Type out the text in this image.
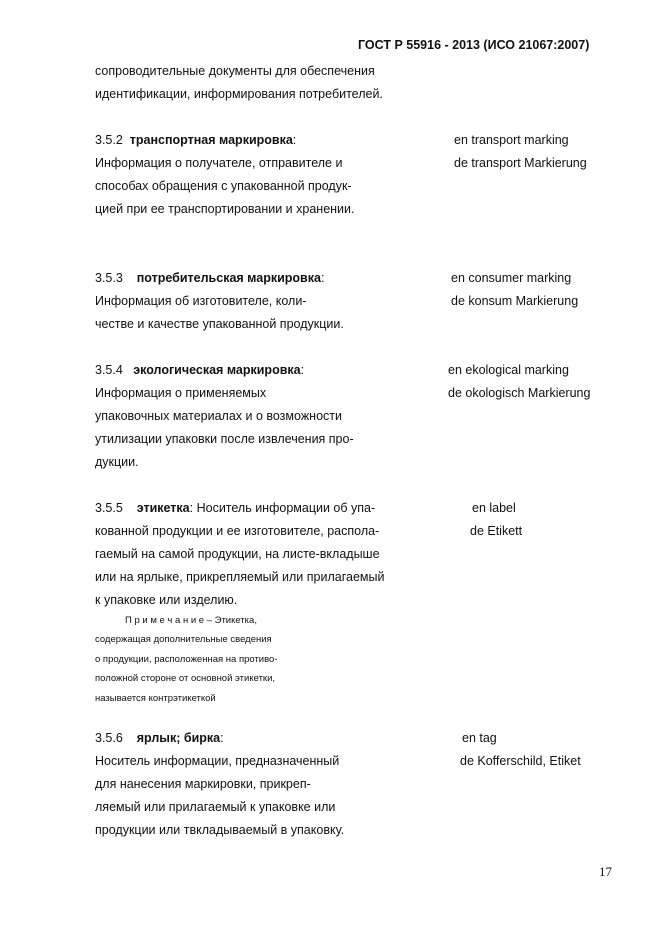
ГОСТ Р 55916 - 2013 (ИСО 21067:2007)
сопроводительные документы для обеспечения
идентификации, информирования потребителей.
3.5.2 транспортная маркировка:	en transport marking
Информация о получателе, отправителе и	de transport Markierung
способах обращения с упакованной продук-
цией при ее транспортировании и хранении.
3.5.3 потребительская маркировка:	en consumer marking
Информация об изготовителе, коли-	de konsum Markierung
честве и качестве упакованной продукции.
3.5.4 экологическая маркировка:	en ekological marking
Информация о применяемых	de okologisch Markierung
упаковочных материалах и о возможности
утилизации упаковки после извлечения про-
дукции.
3.5.5 этикетка: Носитель информации об упа-	en label
кованной продукции и ее изготовителе, распола-	de Etikett
гаемый на самой продукции, на листе-вкладыше
или на ярлыке, прикрепляемый или прилагаемый
к упаковке или изделию.
П р и м е ч а н и е – Этикетка,
содержащая дополнительные сведения
о продукции, расположенная на противо-
положной стороне от основной этикетки,
называется контрэтикеткой
3.5.6 ярлык; бирка:	en tag
Носитель информации, предназначенный	de Kofferschild, Etiket
для нанесения маркировки, прикреп-
ляемый или прилагаемый к упаковке или
продукции или твкладываемый в упаковку.
17
